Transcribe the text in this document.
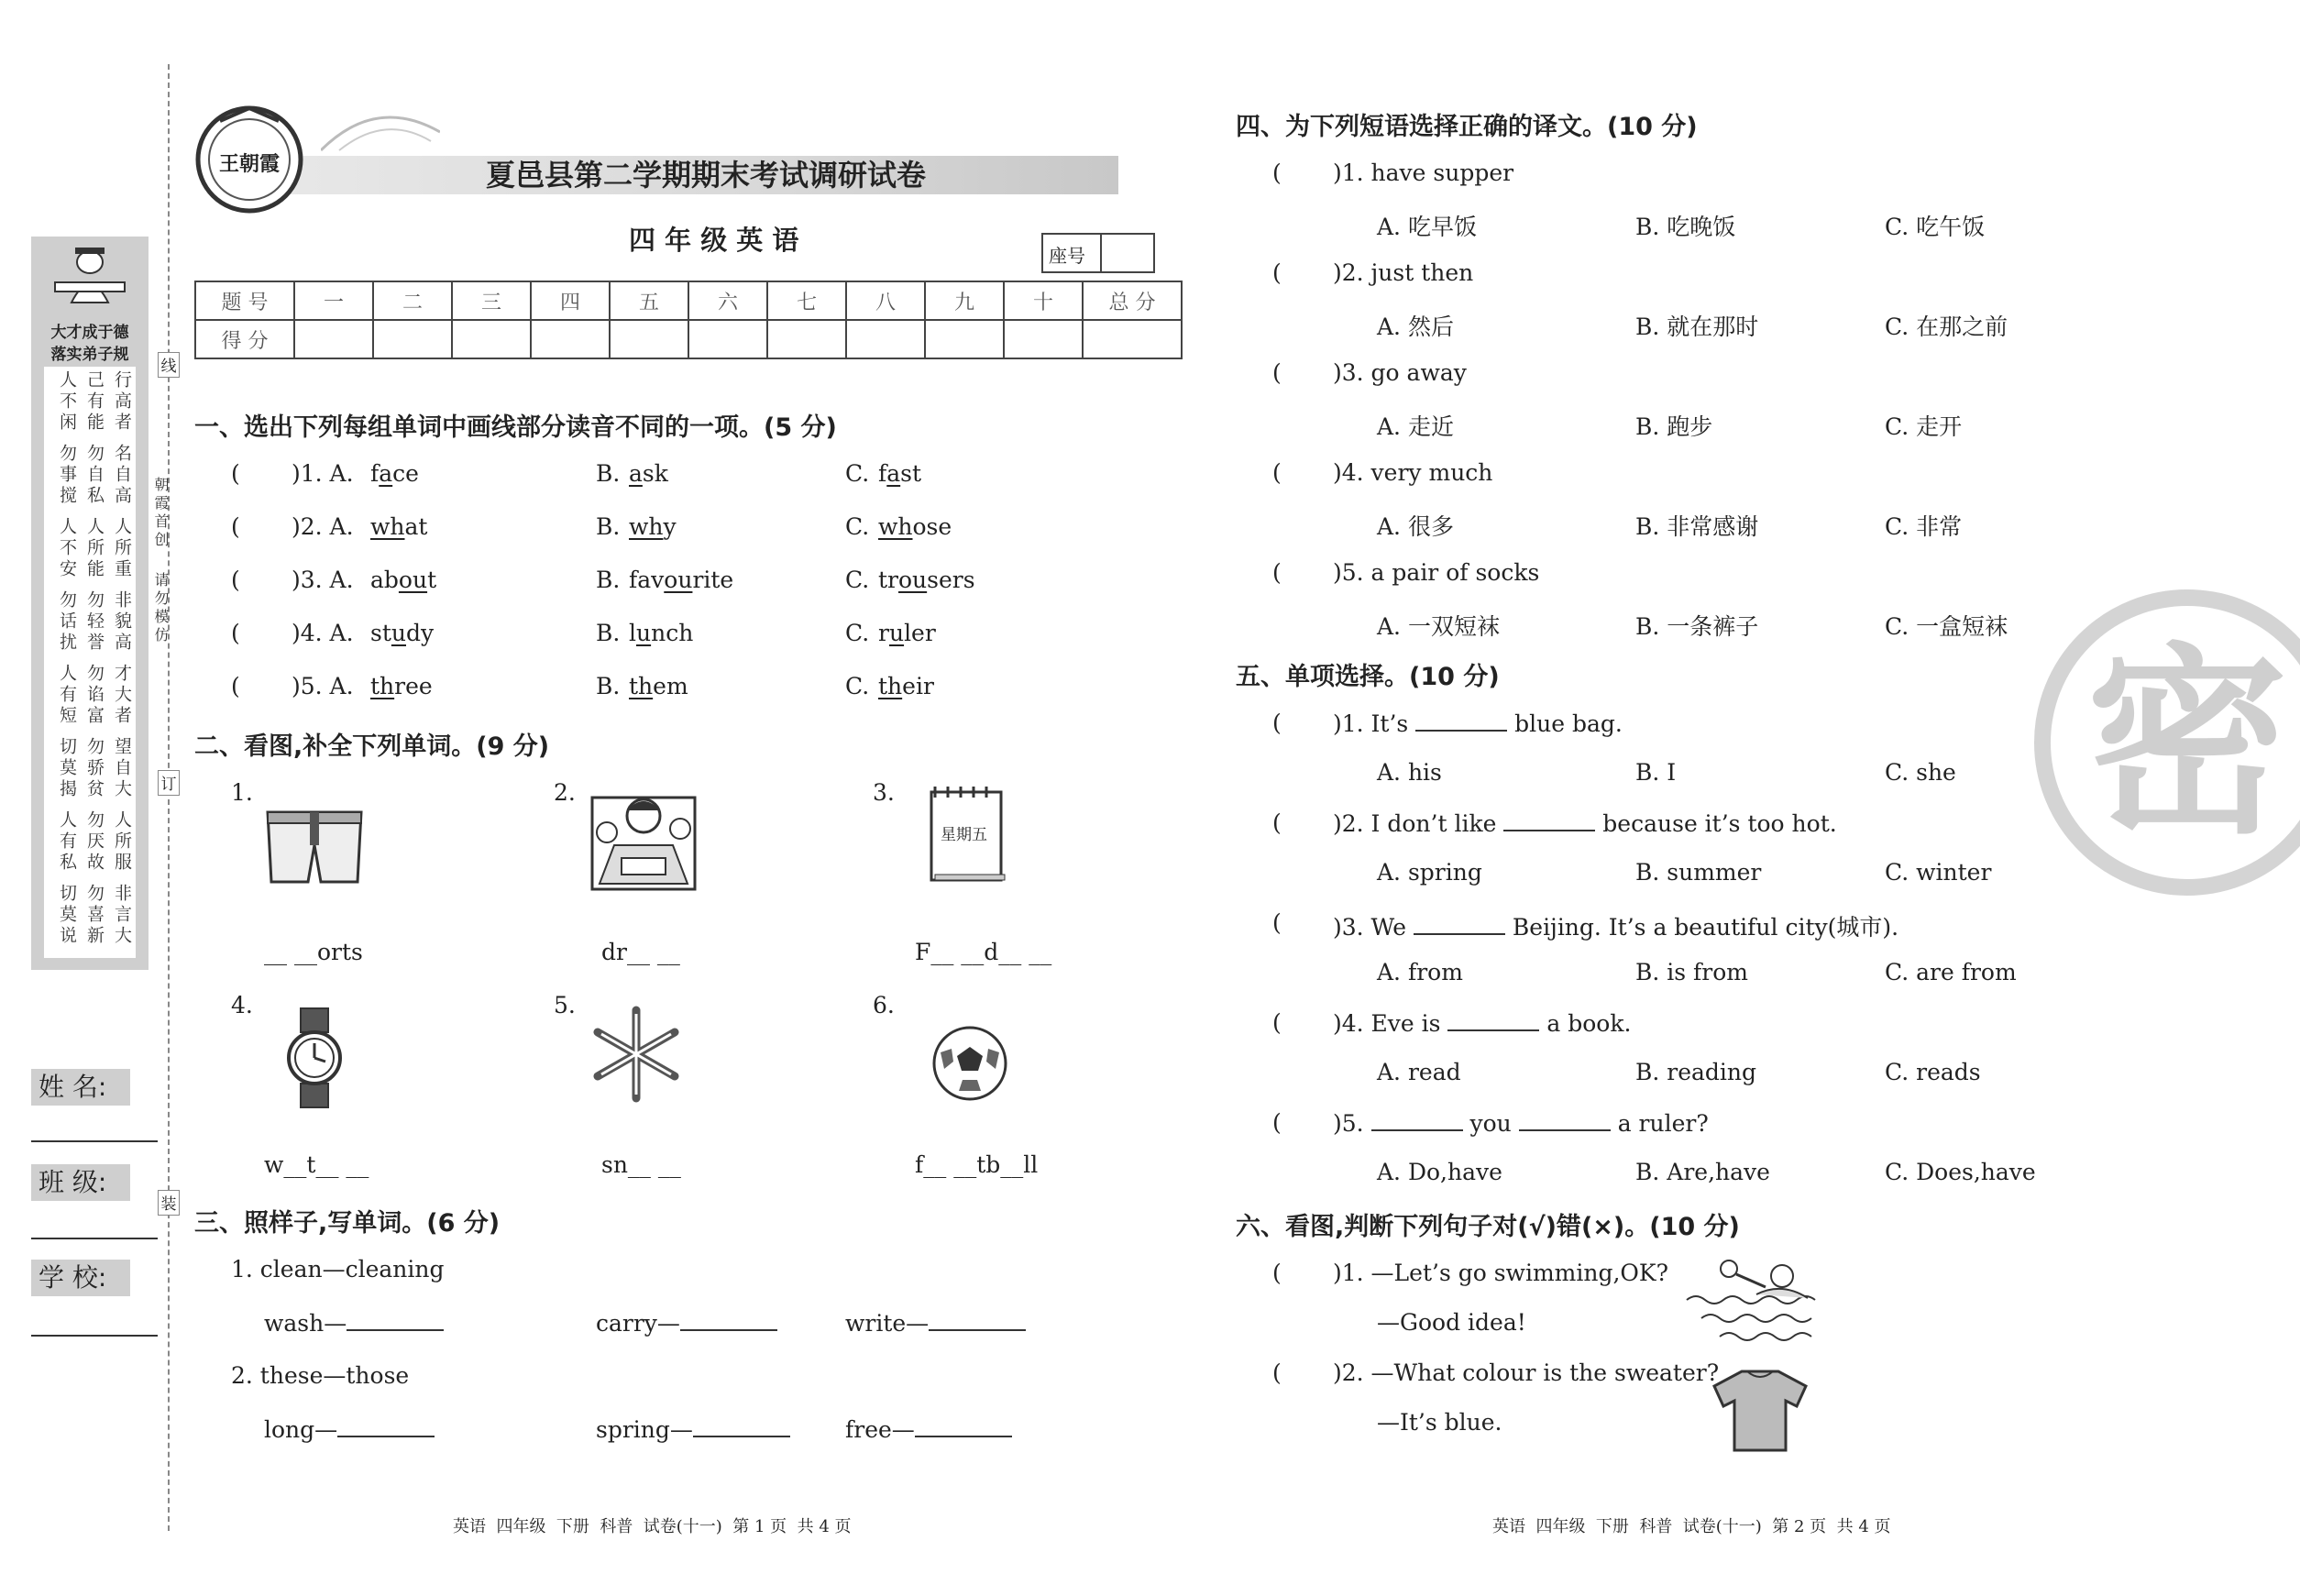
大才成于德
落实弟子规
人不闲 己有能 行高者
勿事搅 勿自私 名自高
人不安 人所能 人所重
勿话扰 勿轻誉 非貌高
人有短 勿谄富 才大者
切莫揭 勿骄贫 望自大
人有私 勿厌故 人所服
切莫说 勿喜新 非言大
线
订
装
朝霞首创
请勿模仿
姓 名:
班 级:
学 校:
王朝霞	夏邑县第二学期期末考试调研试卷
四 年 级 英 语	座号
题 号	一	二	三	四	五	六	七	八	九	十	总 分
得 分											
一、选出下列每组单词中画线部分读音不同的一项。(5 分)
( )1. A. face	B. ask	C. fast
( )2. A. what	B. why	C. whose
( )3. A. about	B. favourite	C. trousers
( )4. A. study	B. lunch	C. ruler
( )5. A. three	B. them	C. their
二、看图,补全下列单词。(9 分)
1.
__ __orts
2.
dr__ __
3.
星期五
F__ __d__ __
4.
w__t__ __
5.
sn__ __
6.
f__ __tb__ll
三、照样子,写单词。(6 分)
1. clean—cleaning
wash—	carry—	write—
2. these—those
long—	spring—	free—
四、为下列短语选择正确的译文。(10 分)
( )1. have supper
A. 吃早饭	B. 吃晚饭	C. 吃午饭
( )2. just then
A. 然后	B. 就在那时	C. 在那之前
( )3. go away
A. 走近	B. 跑步	C. 走开
( )4. very much
A. 很多	B. 非常感谢	C. 非常
( )5. a pair of socks
A. 一双短袜	B. 一条裤子	C. 一盒短袜
五、单项选择。(10 分)
( )1. It’s	blue bag.
A. his	B. I	C. she
( )2. I don’t like	because it’s too hot.
A. spring	B. summer	C. winter
( )3. We	Beijing. It’s a beautiful city(城市).
A. from	B. is from	C. are from
( )4. Eve is	a book.
A. read	B. reading	C. reads
( )5.	you	a ruler?
A. Do,have	B. Are,have	C. Does,have
六、看图,判断下列句子对(√)错(×)。(10 分)
( )1. —Let’s go swimming,OK?
—Good idea!
( )2. —What colour is the sweater?
—It’s blue.
密
英语  四年级  下册  科普  试卷(十一)  第 1 页  共 4 页	英语  四年级  下册  科普  试卷(十一)  第 2 页  共 4 页
